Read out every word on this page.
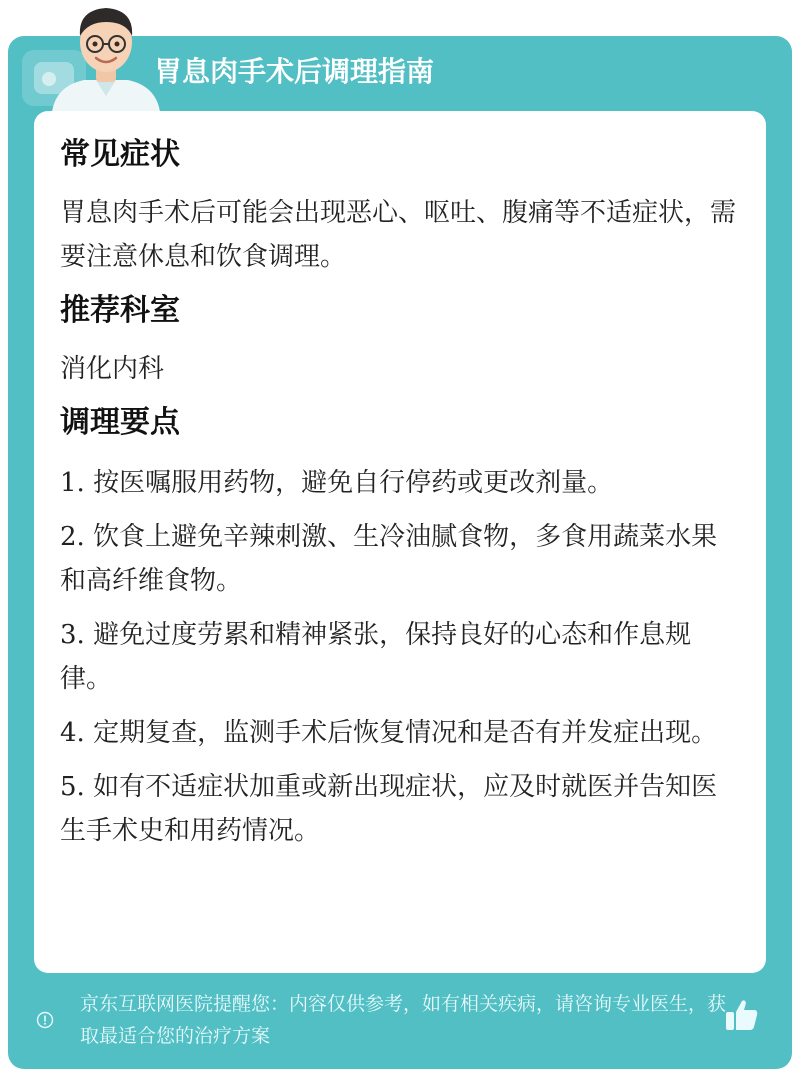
胃息肉手术后调理指南
常见症状
胃息肉手术后可能会出现恶心、呕吐、腹痛等不适症状，需要注意休息和饮食调理。
推荐科室
消化内科
调理要点
1. 按医嘱服用药物，避免自行停药或更改剂量。
2. 饮食上避免辛辣刺激、生冷油腻食物，多食用蔬菜水果和高纤维食物。
3. 避免过度劳累和精神紧张，保持良好的心态和作息规律。
4. 定期复查，监测手术后恢复情况和是否有并发症出现。
5. 如有不适症状加重或新出现症状，应及时就医并告知医生手术史和用药情况。
京东互联网医院提醒您：内容仅供参考，如有相关疾病，请咨询专业医生，获取最适合您的治疗方案
